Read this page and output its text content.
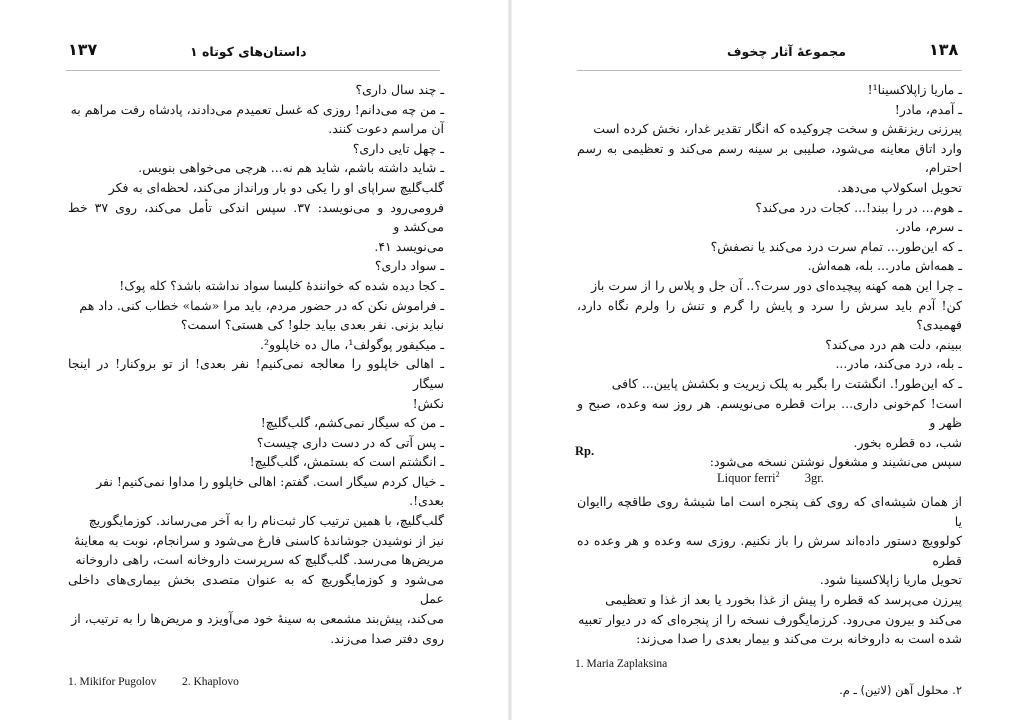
داستان‌های کوتاه ۱
۱۳۷

ـ چند سال داری؟

ـ من چه می‌دانم! روزی که غسل تعمیدم می‌دادند، پادشاه رفت مراهم به

آن مراسم دعوت کنند.

ـ چهل تایی داری؟

ـ شاید داشته باشم، شاید هم نه... هرچی می‌خواهی بنویس.

گلب‌گلیچ سراپای او را یکی دو بار ورانداز می‌کند، لحظه‌ای به فکر

فرومی‌رود و می‌نویسد: ۳۷. سپس اندکی تأمل می‌کند، روی ۳۷ خط می‌کشد و

می‌نویسد ۴۱.

ـ سواد داری؟

ـ کجا دیده شده که خوانندهٔ کلیسا سواد نداشته باشد؟ کله پوک!

ـ فراموش نکن که در حضور مردم، باید مرا «شما» خطاب کنی. داد هم

نباید بزنی. نفر بعدی بیاید جلو! کی هستی؟ اسمت؟

ـ میکیفور پوگولف¹، مال ده خاپلوو².

ـ اهالی خاپلوو را معالجه نمی‌کنیم! نفر بعدی! از تو بروکنار! در اینجا سیگار

نکش!

ـ من که سیگار نمی‌کشم، گلب‌گلیچ!

ـ پس آتی که در دست داری چیست؟

ـ انگشتم است که بستمش، گلب‌گلیچ!

ـ خیال کردم سیگار است. گفتم: اهالی خاپلوو را مداوا نمی‌کنیم! نفر

بعدی!.

گلب‌گلیچ، با همین ترتیب کار ثبت‌نام را به آخر می‌رساند. کوزمایگوریچ

نیز از نوشیدن جوشاندهٔ کاسنی فارغ می‌شود و سرانجام، نوبت به معاینهٔ

مریض‌ها می‌رسد. گلب‌گلیچ که سرپرست داروخانه است، راهی داروخانه

می‌شود و کوزمایگوریچ که به عنوان متصدی بخش بیماری‌های داخلی عمل

می‌کند، پیش‌بند مشمعی به سینهٔ خود می‌آویزد و مریض‌ها را به ترتیب، از

روی دفتر صدا می‌زند.

1. Mikifor Pugolov 2. Khaplovo
مجموعهٔ آثار چخوف	۱۳۸

ـ ماریا زاپلاکسینا¹!

ـ آمدم، مادر!

پیرزنی ریزنقش و سخت چروکیده که انگار تقدیر غدار، نخش کرده است

وارد اتاق معاینه می‌شود، صلیبی بر سینه رسم می‌کند و تعظیمی به رسم احترام،

تحویل اسکولاپ می‌دهد.

ـ هوم... در را ببند!... کجات درد می‌کند؟

ـ سرم، مادر.

ـ که این‌طور... تمام سرت درد می‌کند یا نصفش؟

ـ همه‌اش مادر... بله، همه‌اش.

ـ چرا این همه کهنه پیچیده‌ای دور سرت؟.. آن جل و پلاس را از سرت باز

کن! آدم باید سرش را سرد و پایش را گرم و تنش را ولرم نگاه دارد، فهمیدی؟

ببینم، دلت هم درد می‌کند؟

ـ بله، درد می‌کند، مادر...

ـ که این‌طور!. انگشتت را بگیر به پلک زیریت و بکشش پایین... کافی

است! کم‌خونی داری... برات قطره می‌نویسم. هر روز سه وعده، صبح و ظهر و

شب، ده قطره بخور.

سپس می‌نشیند و مشغول نوشتن نسخه می‌شود:

Rp.
Liquor ferri$^2$ 3gr.

از همان شیشه‌ای که روی کف پنجره است اما شیشهٔ روی طاقچه راایوان یا

کولوویچ دستور داده‌اند سرش را باز نکنیم. روزی سه وعده و هر وعده ده قطره

تحویل ماریا زاپلاکسینا شود.

پیرزن می‌پرسد که قطره را پیش از غذا بخورد یا بعد از غذا و تعظیمی

می‌کند و بیرون می‌رود. کرزمایگورف نسخه را از پنجره‌ای که در دیوار تعبیه

شده است به داروخانه برت می‌کند و بیمار بعدی را صدا می‌زند:

1. Maria Zaplaksina
۲. محلول آهن (لاتین) ـ م.
